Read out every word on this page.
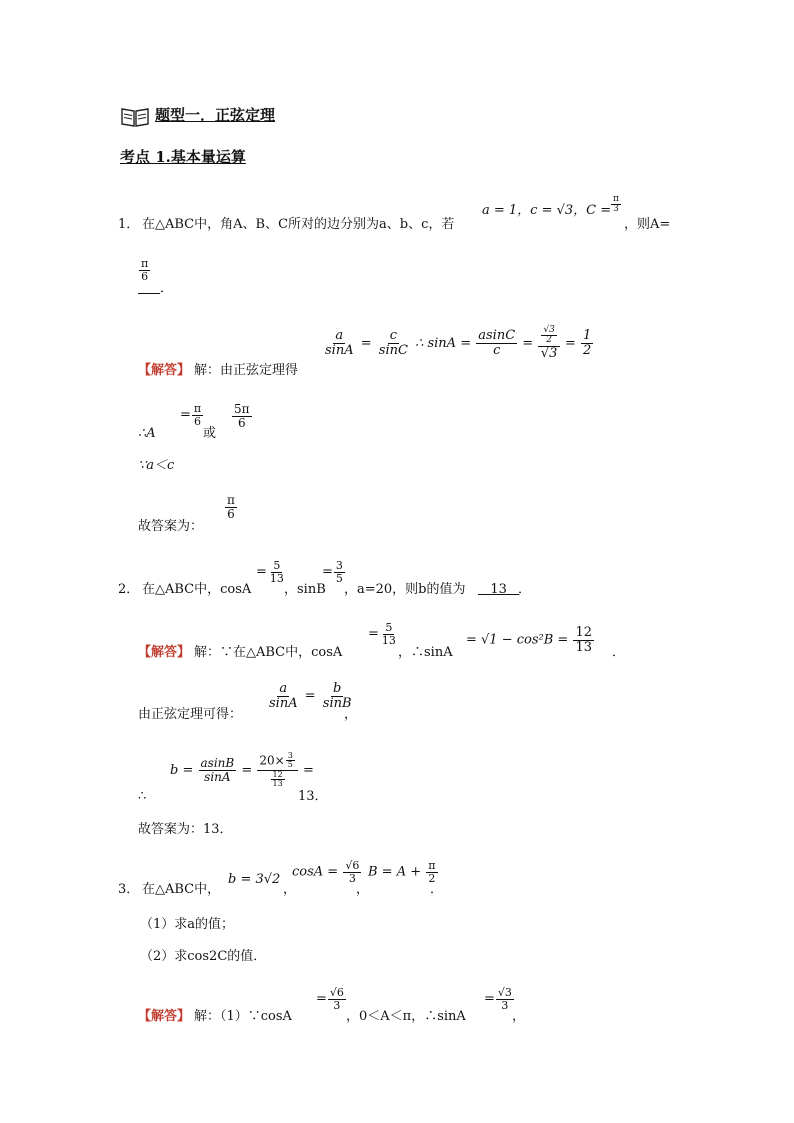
题型一．正弦定理
考点 1.基本量运算
1． 在△ABC中，角A、B、C所对的边分别为a、b、c，若
a = 1，c = √3，$C = \frac{\pi}{3}$
，则A=
$\frac{\pi}{6}$
．
【解答】 解：由正弦定理得
$\frac{a}{\sin A} = \frac{c}{\sin C}$ ∴ $\sin A = \frac{asinC}{c} = \frac{\frac{√3}{2}}{√3} = \frac{1}{2}$
∴A
= $\frac{\pi}{6}$
或
$\frac{5\pi}{6}$
∵a＜c
故答案为：
$\frac{\pi}{6}$
2． 在△ABC中，cosA
= $\frac{5}{13}$
，sinB
= $\frac{3}{5}$
，a=20，则b的值为	13 ．
【解答】 解：∵在△ABC中，cosA
= $\frac{5}{13}$
，∴sinA
= $√1 - \cos^2B = \frac{12}{13}$ ．
由正弦定理可得：
$\frac{a}{\sin A} = \frac{b}{\sin B}$
，
∴
$b = \frac{asinB}{\sin A} = \frac{20\times \frac{3}{5}}{\frac{12}{13}}$ =
13．
故答案为：13．
3． 在△ABC中，
b = 3√2
，
$\cos A = \frac{√6}{3}$
，
$B = A + \frac{\pi}{2}$
．
（1）求a的值；
（2）求cos2C的值．
【解答】 解：（1）∵cosA
= $\frac{√6}{3}$
，0＜A＜π，∴sinA
= $\frac{√3}{3}$
，
